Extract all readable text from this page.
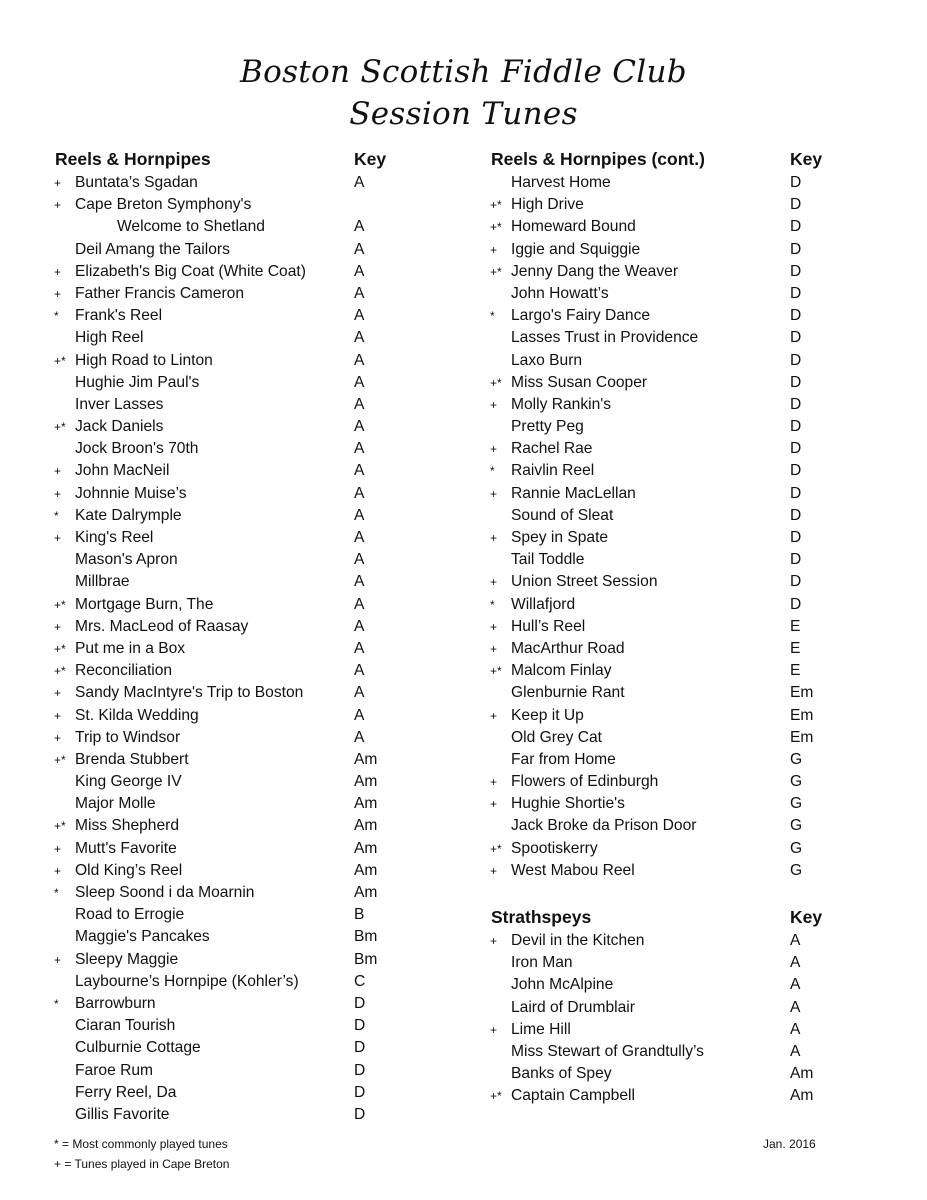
Boston Scottish Fiddle Club
Session Tunes
Reels & Hornpipes	Key
+ Buntata’s Sgadan	A
+ Cape Breton Symphony's
Welcome to Shetland	A
Deil Amang the Tailors	A
+ Elizabeth's Big Coat (White Coat)	A
+ Father Francis Cameron	A
*	Frank's Reel	A
High Reel	A
+* High Road to Linton	A
Hughie Jim Paul's	A
Inver Lasses	A
+* Jack Daniels	A
Jock Broon's 70th	A
+ John MacNeil	A
+ Johnnie Muise’s	A
*	Kate Dalrymple	A
+ King's Reel	A
Mason's Apron	A
Millbrae	A
+* Mortgage Burn, The	A
+ Mrs. MacLeod of Raasay	A
+* Put me in a Box	A
+* Reconciliation	A
+ Sandy MacIntyre's Trip to Boston	A
+ St. Kilda Wedding	A
+ Trip to Windsor	A
+* Brenda Stubbert	Am
King George IV	Am
Major Molle	Am
+* Miss Shepherd	Am
+ Mutt's Favorite	Am
+ Old King’s Reel	Am
*	Sleep Soond i da Moarnin	Am
Road to Errogie	B
Maggie's Pancakes	Bm
+ Sleepy Maggie	Bm
Laybourne’s Hornpipe (Kohler’s)	C
*	Barrowburn	D
Ciaran Tourish	D
Culburnie Cottage	D
Faroe Rum	D
Ferry Reel, Da	D
Gillis Favorite	D
Reels & Hornpipes (cont.)	Key
Harvest Home	D
+* High Drive	D
+* Homeward Bound	D
+ Iggie and Squiggie	D
+* Jenny Dang the Weaver	D
John Howatt’s	D
*	Largo's Fairy Dance	D
Lasses Trust in Providence	D
Laxo Burn	D
+* Miss Susan Cooper	D
+ Molly Rankin's	D
Pretty Peg	D
+ Rachel Rae	D
*	Raivlin Reel	D
+ Rannie MacLellan	D
Sound of Sleat	D
+ Spey in Spate	D
Tail Toddle	D
+ Union Street Session	D
*	Willafjord	D
+ Hull’s Reel	E
+ MacArthur Road	E
+* Malcom Finlay	E
Glenburnie Rant	Em
+ Keep it Up	Em
Old Grey Cat	Em
Far from Home	G
+ Flowers of Edinburgh	G
+ Hughie Shortie's	G
Jack Broke da Prison Door	G
+* Spootiskerry	G
+ West Mabou Reel	G
Strathspeys	Key
+ Devil in the Kitchen	A
Iron Man	A
John McAlpine	A
Laird of Drumblair	A
+ Lime Hill	A
Miss Stewart of Grandtully’s	A
Banks of Spey	Am
+* Captain Campbell	Am
* = Most commonly played tunes
+ = Tunes played in Cape Breton
Jan. 2016
